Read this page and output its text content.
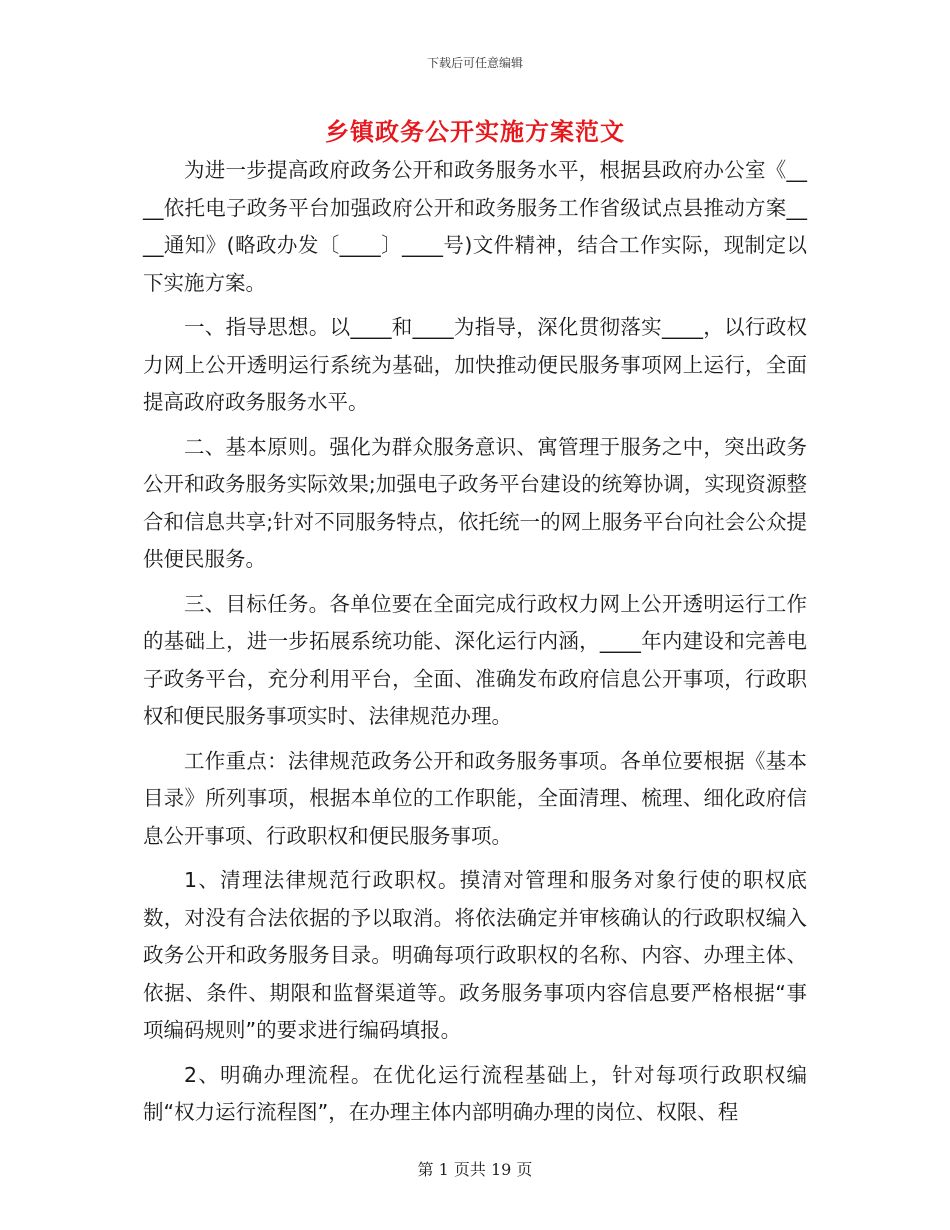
下载后可任意编辑
乡镇政务公开实施方案范文

为进一步提高政府政务公开和政务服务水平，根据县政府办公室《____依托电子政务平台加强政府公开和政务服务工作省级试点县推动方案____通知》(略政办发〔____〕____号)文件精神，结合工作实际，现制定以下实施方案。

一、指导思想。以____和____为指导，深化贯彻落实____，以行政权力网上公开透明运行系统为基础，加快推动便民服务事项网上运行，全面提高政府政务服务水平。

二、基本原则。强化为群众服务意识、寓管理于服务之中，突出政务公开和政务服务实际效果;加强电子政务平台建设的统筹协调，实现资源整合和信息共享;针对不同服务特点，依托统一的网上服务平台向社会公众提供便民服务。

三、目标任务。各单位要在全面完成行政权力网上公开透明运行工作的基础上，进一步拓展系统功能、深化运行内涵，____年内建设和完善电子政务平台，充分利用平台，全面、准确发布政府信息公开事项，行政职权和便民服务事项实时、法律规范办理。

工作重点：法律规范政务公开和政务服务事项。各单位要根据《基本目录》所列事项，根据本单位的工作职能，全面清理、梳理、细化政府信息公开事项、行政职权和便民服务事项。

1、清理法律规范行政职权。摸清对管理和服务对象行使的职权底数，对没有合法依据的予以取消。将依法确定并审核确认的行政职权编入政务公开和政务服务目录。明确每项行政职权的名称、内容、办理主体、依据、条件、期限和监督渠道等。政务服务事项内容信息要严格根据“事项编码规则”的要求进行编码填报。

2、明确办理流程。在优化运行流程基础上，针对每项行政职权编制“权力运行流程图”，在办理主体内部明确办理的岗位、权限、程

第 1 页共 19 页
